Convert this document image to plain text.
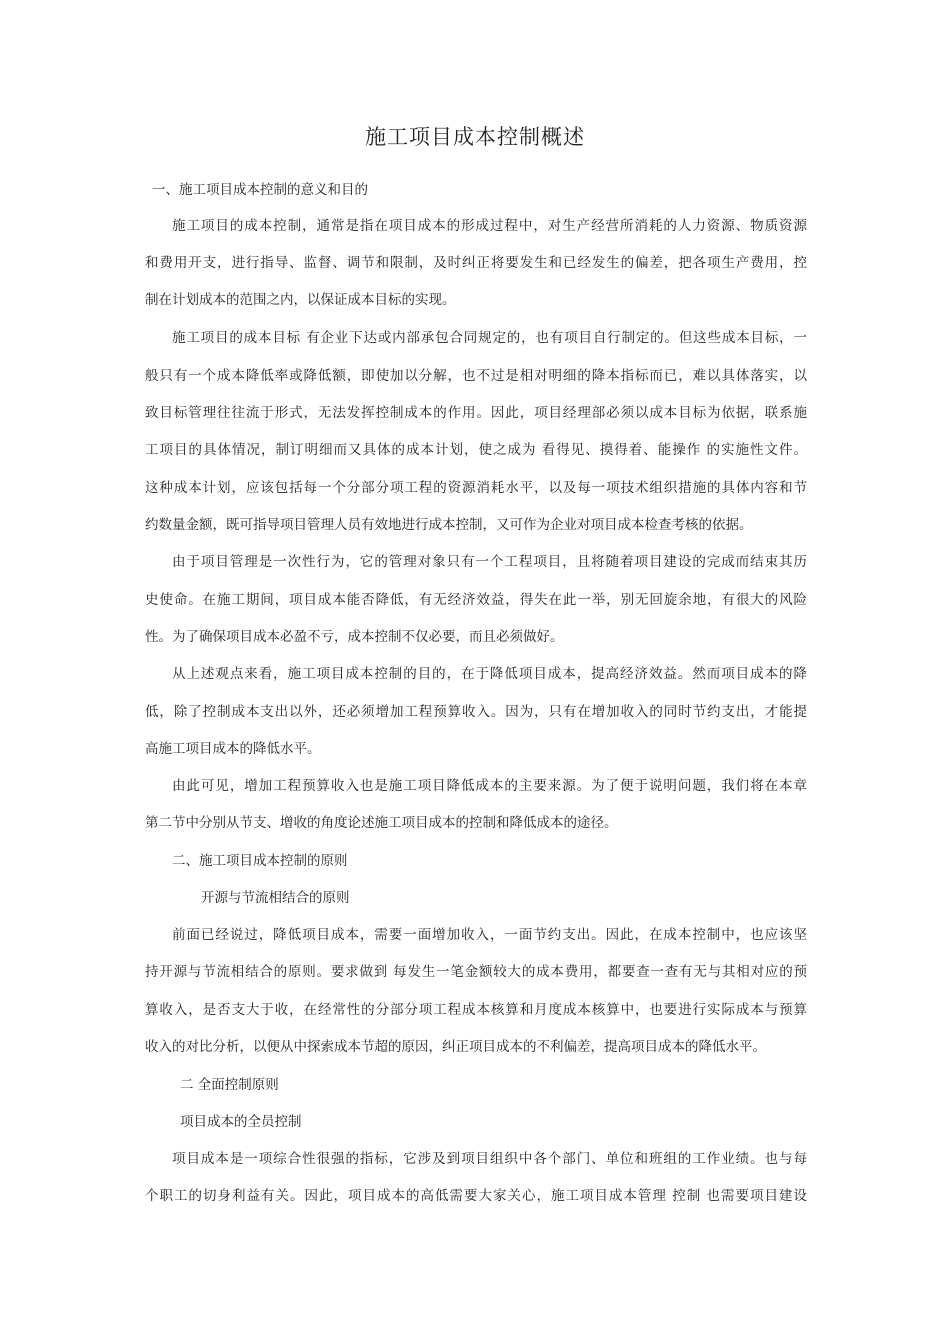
施工项目成本控制概述
一、施工项目成本控制的意义和目的
施工项目的成本控制，通常是指在项目成本的形成过程中，对生产经营所消耗的人力资源、物质资源
和费用开支，进行指导、监督、调节和限制，及时纠正将要发生和已经发生的偏差，把各项生产费用，控
制在计划成本的范围之内，以保证成本目标的实现。
施工项目的成本目标 有企业下达或内部承包合同规定的，也有项目自行制定的。但这些成本目标，一
般只有一个成本降低率或降低额，即使加以分解，也不过是相对明细的降本指标而已，难以具体落实，以
致目标管理往往流于形式，无法发挥控制成本的作用。因此，项目经理部必须以成本目标为依据，联系施
工项目的具体情况，制订明细而又具体的成本计划，使之成为 看得见、摸得着、能操作 的实施性文件。
这种成本计划，应该包括每一个分部分项工程的资源消耗水平，以及每一项技术组织措施的具体内容和节
约数量金额，既可指导项目管理人员有效地进行成本控制，又可作为企业对项目成本检查考核的依据。
由于项目管理是一次性行为，它的管理对象只有一个工程项目，且将随着项目建设的完成而结束其历
史使命。在施工期间，项目成本能否降低，有无经济效益，得失在此一举，别无回旋余地，有很大的风险
性。为了确保项目成本必盈不亏，成本控制不仅必要，而且必须做好。
从上述观点来看，施工项目成本控制的目的，在于降低项目成本，提高经济效益。然而项目成本的降
低，除了控制成本支出以外，还必须增加工程预算收入。因为，只有在增加收入的同时节约支出，才能提
高施工项目成本的降低水平。
由此可见，增加工程预算收入也是施工项目降低成本的主要来源。为了便于说明问题，我们将在本章
第二节中分别从节支、增收的角度论述施工项目成本的控制和降低成本的途径。
二、施工项目成本控制的原则
开源与节流相结合的原则
前面已经说过，降低项目成本，需要一面增加收入，一面节约支出。因此，在成本控制中，也应该坚
持开源与节流相结合的原则。要求做到 每发生一笔金额较大的成本费用，都要查一查有无与其相对应的预
算收入，是否支大于收，在经常性的分部分项工程成本核算和月度成本核算中，也要进行实际成本与预算
收入的对比分析，以便从中探索成本节超的原因，纠正项目成本的不利偏差，提高项目成本的降低水平。
二 全面控制原则
项目成本的全员控制
项目成本是一项综合性很强的指标，它涉及到项目组织中各个部门、单位和班组的工作业绩。也与每
个职工的切身利益有关。因此，项目成本的高低需要大家关心，施工项目成本管理 控制 也需要项目建设
